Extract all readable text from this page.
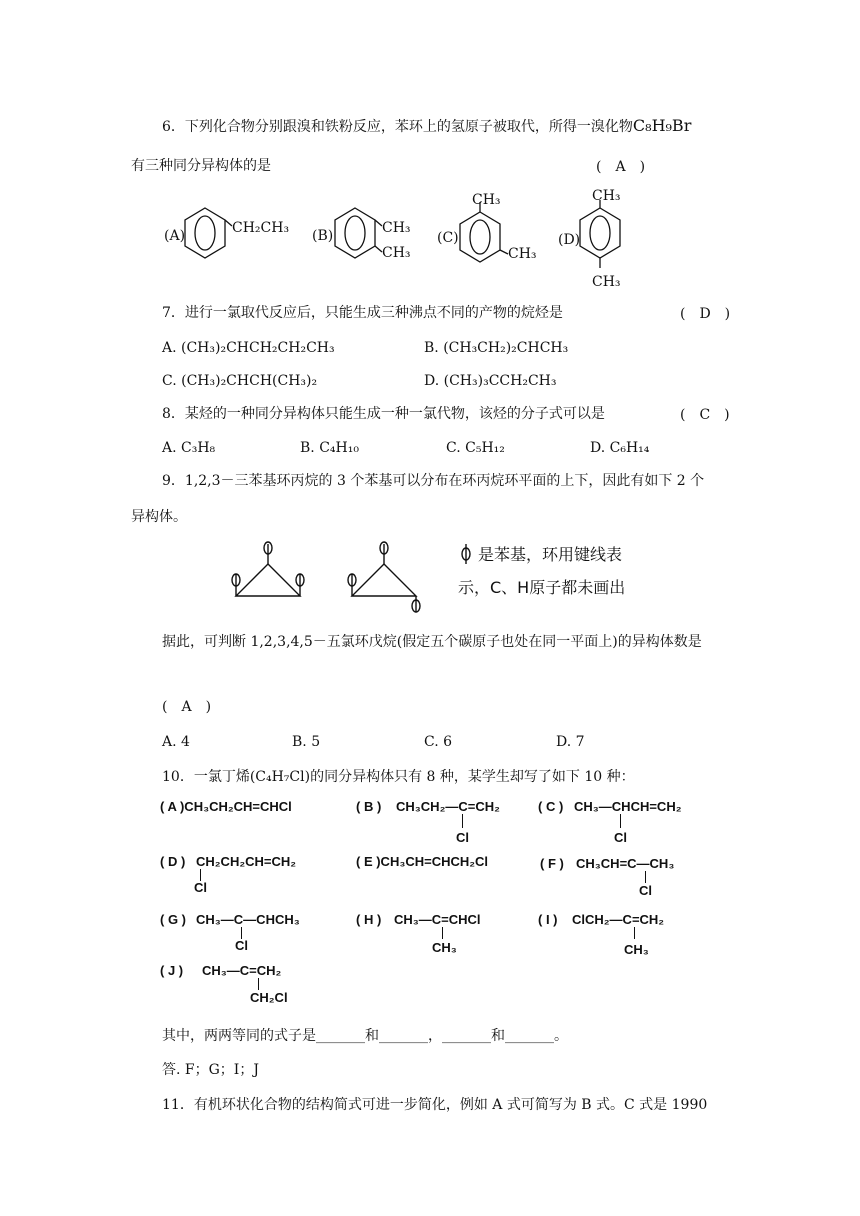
6．下列化合物分别跟溴和铁粉反应，苯环上的氢原子被取代，所得一溴化物C₈H₉Br
有三种同分异构体的是	(　A　)
(A)	CH₂CH₃ (B)	CH₃
CH₃
(C)
CH₃
CH₃
(D)
CH₃
CH₃
7．进行一氯取代反应后，只能生成三种沸点不同的产物的烷烃是	(　D　)
A. (CH₃)₂CHCH₂CH₂CH₃	B. (CH₃CH₂)₂CHCH₃
C. (CH₃)₂CHCH(CH₃)₂	D. (CH₃)₃CCH₂CH₃
8．某烃的一种同分异构体只能生成一种一氯代物，该烃的分子式可以是	(　C　)
A. C₃H₈	B. C₄H₁₀	C. C₅H₁₂	D. C₆H₁₄
9．1,2,3－三苯基环丙烷的 3 个苯基可以分布在环丙烷环平面的上下，因此有如下 2 个
异构体。
是苯基，环用键线表
示，C、H原子都未画出
据此，可判断 1,2,3,4,5－五氯环戊烷(假定五个碳原子也处在同一平面上)的异构体数是
(　A　)
A. 4	B. 5	C. 6	D. 7
10．一氯丁烯(C₄H₇Cl)的同分异构体只有 8 种，某学生却写了如下 10 种：
( A )CH₃CH₂CH=CHCl	( B ) CH₃CH₂—C=CH₂
Cl
( C ) CH₃—CHCH=CH₂
Cl
( D ) CH₂CH₂CH=CH₂
Cl
( E )CH₃CH=CHCH₂Cl	( F ) CH₃CH=C—CH₃
Cl
( G ) CH₃—C—CHCH₃
Cl
( H ) CH₃—C=CHCl
CH₃
( I ) ClCH₂—C=CH₂
CH₃
( J ) CH₃—C=CH₂
CH₂Cl
其中，两两等同的式子是_______和_______，_______和_______。
答. F；G；I；J
11．有机环状化合物的结构简式可进一步简化，例如 A 式可简写为 B 式。C 式是 1990
